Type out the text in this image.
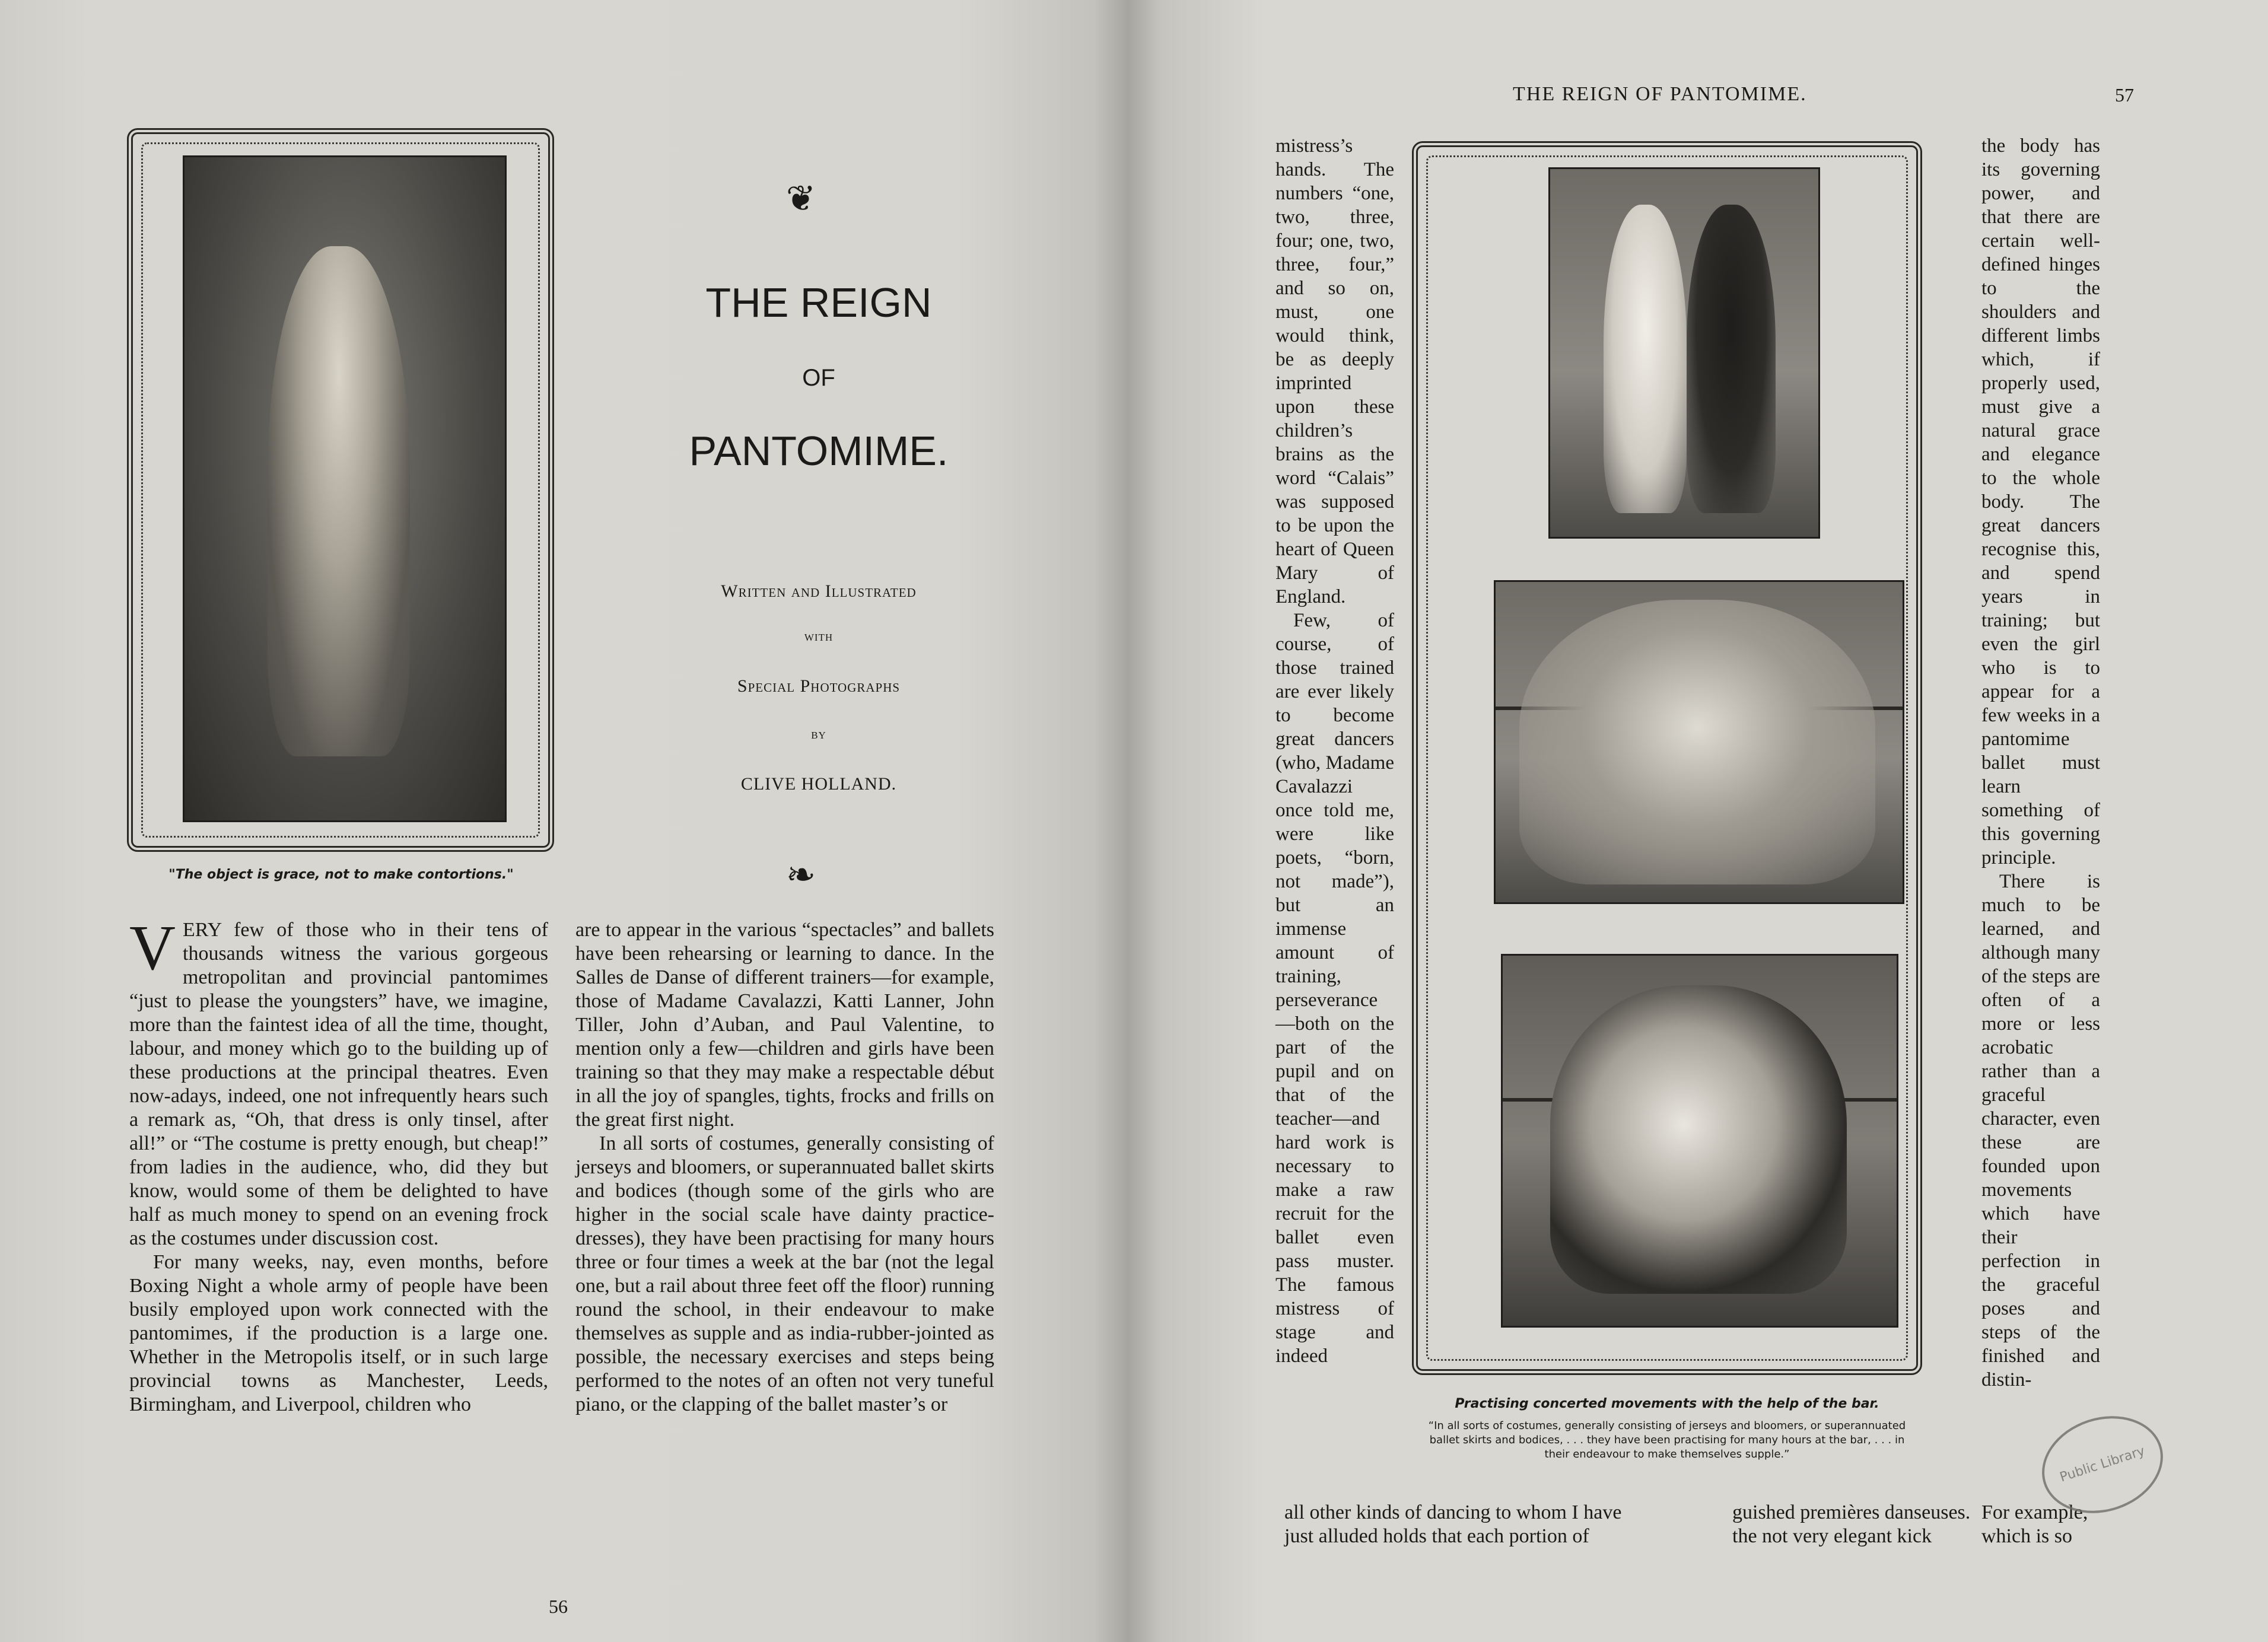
"The object is grace, not to make contortions."
❦
THE REIGN
OF
PANTOMIME.
Written and Illustrated
with
Special Photographs
by
CLIVE HOLLAND.
❧

VERY few of those who in their tens of thousands witness the various gorgeous metropolitan and provincial pantomimes “just to please the youngsters” have, we imagine, more than the faintest idea of all the time, thought, labour, and money which go to the building up of these productions at the principal theatres. Even now-adays, indeed, one not infrequently hears such a remark as, “Oh, that dress is only tinsel, after all!” or “The costume is pretty enough, but cheap!” from ladies in the audience, who, did they but know, would some of them be delighted to have half as much money to spend on an evening frock as the costumes under discussion cost.

For many weeks, nay, even months, before Boxing Night a whole army of people have been busily employed upon work connected with the pantomimes, if the production is a large one. Whether in the Metropolis itself, or in such large provincial towns as Manchester, Leeds, Birmingham, and Liverpool, children who

are to appear in the various “spectacles” and ballets have been rehearsing or learning to dance. In the Salles de Danse of different trainers—for example, those of Madame Cavalazzi, Katti Lanner, John Tiller, John d’Auban, and Paul Valentine, to mention only a few—children and girls have been training so that they may make a respectable début in all the joy of spangles, tights, frocks and frills on the great first night.

In all sorts of costumes, generally consisting of jerseys and bloomers, or superannuated ballet skirts and bodices (though some of the girls who are higher in the social scale have dainty practice-dresses), they have been practising for many hours three or four times a week at the bar (not the legal one, but a rail about three feet off the floor) running round the school, in their endeavour to make themselves as supple and as india-rubber-jointed as possible, the necessary exercises and steps being performed to the notes of an often not very tuneful piano, or the clapping of the ballet master’s or

56
THE REIGN OF PANTOMIME.	57

mistress’s hands. The numbers “one, two, three, four; one, two, three, four,” and so on, must, one would think, be as deeply imprinted upon these children’s brains as the word “Calais” was supposed to be upon the heart of Queen Mary of England.

Few, of course, of those trained are ever likely to become great dancers (who, Madame Cavalazzi once told me, were like poets, “born, not made”), but an immense amount of training, perseverance—both on the part of the pupil and on that of the teacher—and hard work is necessary to make a raw recruit for the ballet even pass muster. The famous mistress of stage and indeed

Practising concerted movements with the help of the bar.
“In all sorts of costumes, generally consisting of jerseys and bloomers, or superannuated ballet skirts and bodices, . . . they have been practising for many hours at the bar, . . . in their endeavour to make themselves supple.”

the body has its governing power, and that there are certain well-defined hinges to the shoulders and different limbs which, if properly used, must give a natural grace and elegance to the whole body. The great dancers recognise this, and spend years in training; but even the girl who is to appear for a few weeks in a pantomime ballet must learn something of this governing principle.

There is much to be learned, and although many of the steps are often of a more or less acrobatic rather than a graceful character, even these are founded upon movements which have their perfection in the graceful poses and steps of the finished and distin-

all other kinds of dancing to whom I have
just alluded holds that each portion of
guished premières danseuses.
the not very elegant kick
For example,
which is so
Public Library
